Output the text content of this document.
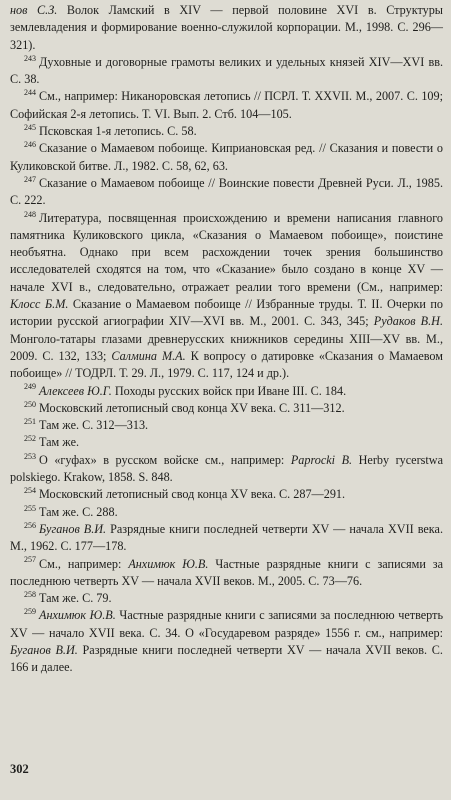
нов С.З. Волок Ламский в XIV — первой половине XVI в. Структуры землевладения и формирование военно-служилой корпорации. М., 1998. С. 296—321).

$^{243}$ Духовные и договорные грамоты великих и удельных князей XIV—XVI вв. С. 38.

$^{244}$ См., например: Никаноровская летопись // ПСРЛ. Т. XXVII. М., 2007. С. 109; Софийская 2-я летопись. Т. VI. Вып. 2. Стб. 104—105.

$^{245}$ Псковская 1-я летопись. С. 58.

$^{246}$ Сказание о Мамаевом побоище. Киприановская ред. // Сказания и повести о Куликовской битве. Л., 1982. С. 58, 62, 63.

$^{247}$ Сказание о Мамаевом побоище // Воинские повести Древней Руси. Л., 1985. С. 222.

$^{248}$ Литература, посвященная происхождению и времени написания главного памятника Куликовского цикла, «Сказания о Мамаевом побоище», поистине необъятна. Однако при всем расхождении точек зрения большинство исследователей сходятся на том, что «Сказание» было создано в конце XV — начале XVI в., следовательно, отражает реалии того времени (См., например: Клосс Б.М. Сказание о Мамаевом побоище // Избранные труды. Т. II. Очерки по истории русской агиографии XIV—XVI вв. М., 2001. С. 343, 345; Рудаков В.Н. Монголо-татары глазами древнерусских книжников середины XIII—XV вв. М., 2009. С. 132, 133; Салмина М.А. К вопросу о датировке «Сказания о Мамаевом побоище» // ТОДРЛ. Т. 29. Л., 1979. С. 117, 124 и др.).

$^{249}$ Алексеев Ю.Г. Походы русских войск при Иване III. С. 184.

$^{250}$ Московский летописный свод конца XV века. С. 311—312.

$^{251}$ Там же. С. 312—313.

$^{252}$ Там же.

$^{253}$ О «гуфах» в русском войске см., например: Paprocki B. Herby rycerstwa polskiego. Krakow, 1858. S. 848.

$^{254}$ Московский летописный свод конца XV века. С. 287—291.

$^{255}$ Там же. С. 288.

$^{256}$ Буганов В.И. Разрядные книги последней четверти XV — начала XVII века. М., 1962. С. 177—178.

$^{257}$ См., например: Анхимюк Ю.В. Частные разрядные книги с записями за последнюю четверть XV — начала XVII веков. М., 2005. С. 73—76.

$^{258}$ Там же. С. 79.

$^{259}$ Анхимюк Ю.В. Частные разрядные книги с записями за последнюю четверть XV — начало XVII века. С. 34. О «Государевом разряде» 1556 г. см., например: Буганов В.И. Разрядные книги последней четверти XV — начала XVII веков. С. 166 и далее.

302
